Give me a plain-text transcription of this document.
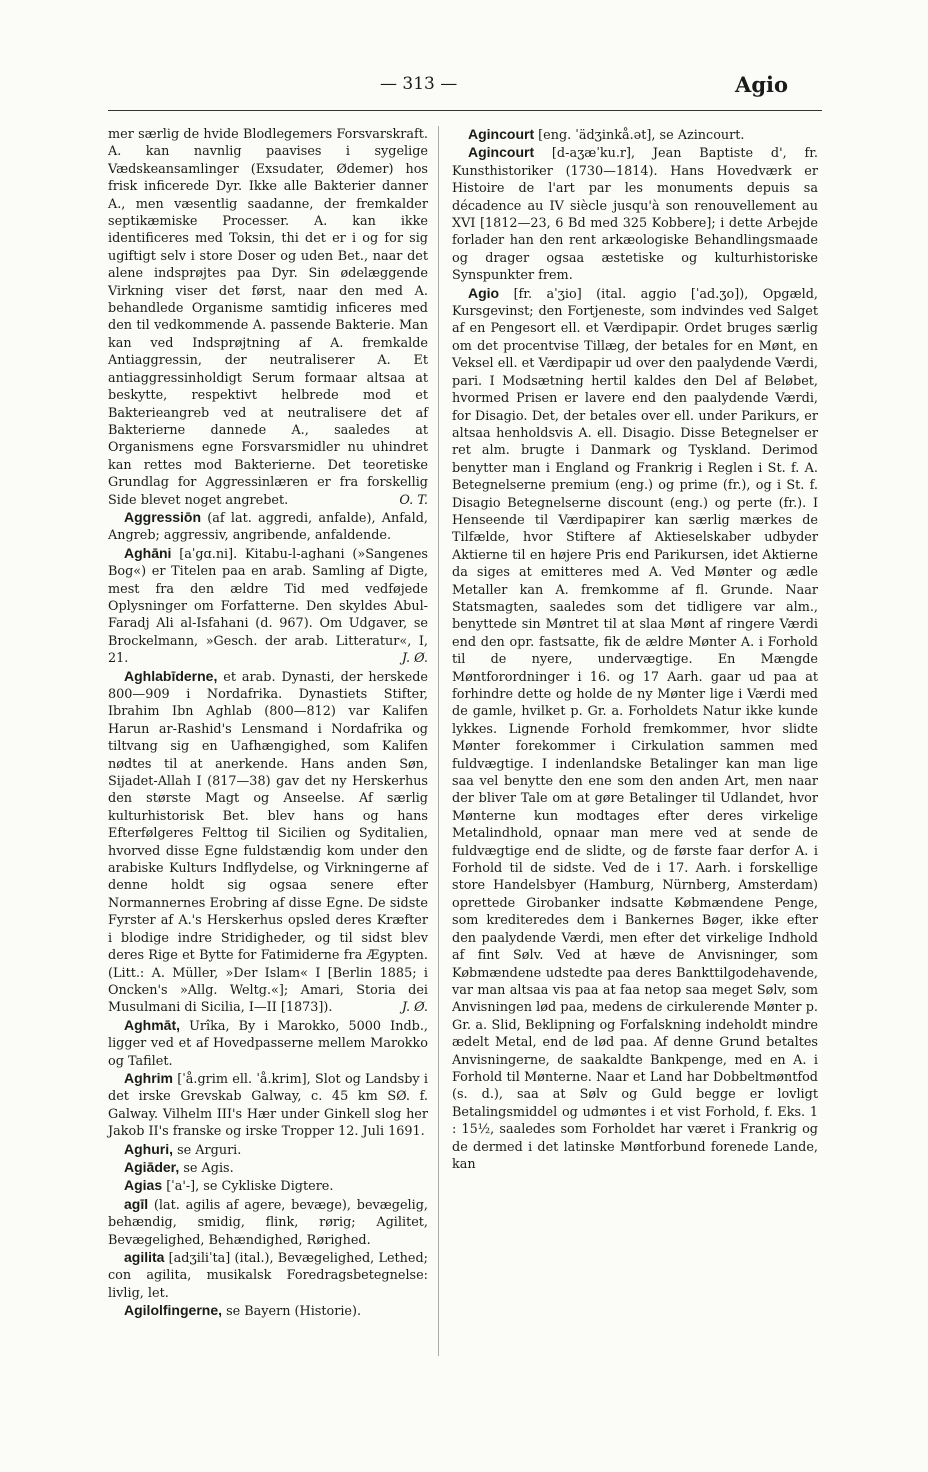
— 313 —	Agio

mer særlig de hvide Blodlegemers Forsvarskraft. A. kan navnlig paavises i sygelige Vædskeansamlinger (Exsudater, Ødemer) hos frisk inficerede Dyr. Ikke alle Bakterier danner A., men væsentlig saadanne, der fremkalder septikæmiske Processer. A. kan ikke identificeres med Toksin, thi det er i og for sig ugiftigt selv i store Doser og uden Bet., naar det alene indsprøjtes paa Dyr. Sin ødelæggende Virkning viser det først, naar den med A. behandlede Organisme samtidig inficeres med den til vedkommende A. passende Bakterie. Man kan ved Indsprøjtning af A. fremkalde Antiaggressin, der neutraliserer A. Et antiaggressinholdigt Serum formaar altsaa at beskytte, respektivt helbrede mod et Bakterieangreb ved at neutralisere det af Bakterierne dannede A., saaledes at Organismens egne Forsvarsmidler nu uhindret kan rettes mod Bakterierne. Det teoretiske Grundlag for Aggressinlæren er fra forskellig Side blevet noget angrebet.	O. T.

Aggressiōn (af lat. aggredi, anfalde), Anfald, Angreb; aggressiv, angribende, anfaldende.

Aghāni [aˈgɑ.ni]. Kitabu-l-aghani (»Sangenes Bog«) er Titelen paa en arab. Samling af Digte, mest fra den ældre Tid med vedføjede Oplysninger om Forfatterne. Den skyldes Abul-Faradj Ali al-Isfahani (d. 967). Om Udgaver, se Brockelmann, »Gesch. der arab. Litteratur«, I, 21.	J. Ø.

Aghlabīderne, et arab. Dynasti, der herskede 800—909 i Nordafrika. Dynastiets Stifter, Ibrahim Ibn Aghlab (800—812) var Kalifen Harun ar-Rashid's Lensmand i Nordafrika og tiltvang sig en Uafhængighed, som Kalifen nødtes til at anerkende. Hans anden Søn, Sijadet-Allah I (817—38) gav det ny Herskerhus den største Magt og Anseelse. Af særlig kulturhistorisk Bet. blev hans og hans Efterfølgeres Felttog til Sicilien og Syditalien, hvorved disse Egne fuldstændig kom under den arabiske Kulturs Indflydelse, og Virkningerne af denne holdt sig ogsaa senere efter Normannernes Erobring af disse Egne. De sidste Fyrster af A.'s Herskerhus opsled deres Kræfter i blodige indre Stridigheder, og til sidst blev deres Rige et Bytte for Fatimiderne fra Ægypten. (Litt.: A. Müller, »Der Islam« I [Berlin 1885; i Oncken's »Allg. Weltg.«]; Amari, Storia dei Musulmani di Sicilia, I—II [1873]).	J. Ø.

Aghmāt, Urîka, By i Marokko, 5000 Indb., ligger ved et af Hovedpasserne mellem Marokko og Tafilet.

Aghrim [ˈå.grim ell. ˈå.krim], Slot og Landsby i det irske Grevskab Galway, c. 45 km SØ. f. Galway. Vilhelm III's Hær under Ginkell slog her Jakob II's franske og irske Tropper 12. Juli 1691.

Aghuri, se Arguri.

Agiāder, se Agis.

Agias [ˈa'-], se Cykliske Digtere.

agīl (lat. agilis af agere, bevæge), bevægelig, behændig, smidig, flink, rørig; Agilitet, Bevægelighed, Behændighed, Rørighed.

agilita [adʒiliˈta] (ital.), Bevægelighed, Lethed; con agilita, musikalsk Foredragsbetegnelse: livlig, let.

Agilolfingerne, se Bayern (Historie).

Agincourt [eng. ˈädʒinkå.ət], se Azincourt.

Agincourt [d-aʒæˈku.r], Jean Baptiste d', fr. Kunsthistoriker (1730—1814). Hans Hovedværk er Histoire de l'art par les monuments depuis sa décadence au IV siècle jusqu'à son renouvellement au XVI [1812—23, 6 Bd med 325 Kobbere]; i dette Arbejde forlader han den rent arkæologiske Behandlingsmaade og drager ogsaa æstetiske og kulturhistoriske Synspunkter frem.

Agio [fr. aˈʒio] (ital. aggio [ˈad.ʒo]), Opgæld, Kursgevinst; den Fortjeneste, som indvindes ved Salget af en Pengesort ell. et Værdipapir. Ordet bruges særlig om det procentvise Tillæg, der betales for en Mønt, en Veksel ell. et Værdipapir ud over den paalydende Værdi, pari. I Modsætning hertil kaldes den Del af Beløbet, hvormed Prisen er lavere end den paalydende Værdi, for Disagio. Det, der betales over ell. under Parikurs, er altsaa henholdsvis A. ell. Disagio. Disse Betegnelser er ret alm. brugte i Danmark og Tyskland. Derimod benytter man i England og Frankrig i Reglen i St. f. A. Betegnelserne premium (eng.) og prime (fr.), og i St. f. Disagio Betegnelserne discount (eng.) og perte (fr.). I Henseende til Værdipapirer kan særlig mærkes de Tilfælde, hvor Stiftere af Aktieselskaber udbyder Aktierne til en højere Pris end Parikursen, idet Aktierne da siges at emitteres med A. Ved Mønter og ædle Metaller kan A. fremkomme af fl. Grunde. Naar Statsmagten, saaledes som det tidligere var alm., benyttede sin Møntret til at slaa Mønt af ringere Værdi end den opr. fastsatte, fik de ældre Mønter A. i Forhold til de nyere, undervægtige. En Mængde Møntforordninger i 16. og 17 Aarh. gaar ud paa at forhindre dette og holde de ny Mønter lige i Værdi med de gamle, hvilket p. Gr. a. Forholdets Natur ikke kunde lykkes. Lignende Forhold fremkommer, hvor slidte Mønter forekommer i Cirkulation sammen med fuldvægtige. I indenlandske Betalinger kan man lige saa vel benytte den ene som den anden Art, men naar der bliver Tale om at gøre Betalinger til Udlandet, hvor Mønterne kun modtages efter deres virkelige Metalindhold, opnaar man mere ved at sende de fuldvægtige end de slidte, og de første faar derfor A. i Forhold til de sidste. Ved de i 17. Aarh. i forskellige store Handelsbyer (Hamburg, Nürnberg, Amsterdam) oprettede Girobanker indsatte Købmændene Penge, som krediteredes dem i Bankernes Bøger, ikke efter den paalydende Værdi, men efter det virkelige Indhold af fint Sølv. Ved at hæve de Anvisninger, som Købmændene udstedte paa deres Bankttilgodehavende, var man altsaa vis paa at faa netop saa meget Sølv, som Anvisningen lød paa, medens de cirkulerende Mønter p. Gr. a. Slid, Beklipning og Forfalskning indeholdt mindre ædelt Metal, end de lød paa. Af denne Grund betaltes Anvisningerne, de saakaldte Bankpenge, med en A. i Forhold til Mønterne. Naar et Land har Dobbeltmøntfod (s. d.), saa at Sølv og Guld begge er lovligt Betalingsmiddel og udmøntes i et vist Forhold, f. Eks. 1 : 15½, saaledes som Forholdet har været i Frankrig og de dermed i det latinske Møntforbund forenede Lande, kan
